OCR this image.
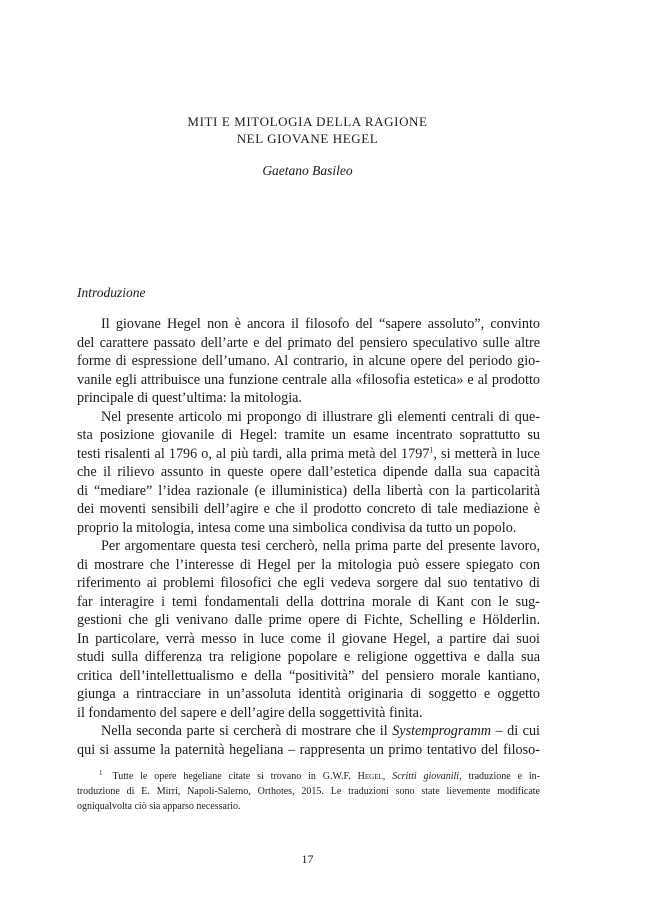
MITI E MITOLOGIA DELLA RAGIONE
NEL GIOVANE HEGEL
Gaetano Basileo
Introduzione
Il giovane Hegel non è ancora il filosofo del “sapere assoluto”, convinto
del carattere passato dell’arte e del primato del pensiero speculativo sulle altre
forme di espressione dell’umano. Al contrario, in alcune opere del periodo gio-
vanile egli attribuisce una funzione centrale alla «filosofia estetica» e al prodotto
principale di quest’ultima: la mitologia.
Nel presente articolo mi propongo di illustrare gli elementi centrali di que-
sta posizione giovanile di Hegel: tramite un esame incentrato soprattutto su
testi risalenti al 1796 o, al più tardi, alla prima metà del 1797$^1$, si metterà in luce
che il rilievo assunto in queste opere dall’estetica dipende dalla sua capacità
di “mediare” l’idea razionale (e illuministica) della libertà con la particolarità
dei moventi sensibili dell’agire e che il prodotto concreto di tale mediazione è
proprio la mitologia, intesa come una simbolica condivisa da tutto un popolo.
Per argomentare questa tesi cercherò, nella prima parte del presente lavoro,
di mostrare che l’interesse di Hegel per la mitologia può essere spiegato con
riferimento ai problemi filosofici che egli vedeva sorgere dal suo tentativo di
far interagire i temi fondamentali della dottrina morale di Kant con le sug-
gestioni che gli venivano dalle prime opere di Fichte, Schelling e Hölderlin.
In particolare, verrà messo in luce come il giovane Hegel, a partire dai suoi
studi sulla differenza tra religione popolare e religione oggettiva e dalla sua
critica dell’intellettualismo e della “positività” del pensiero morale kantiano,
giunga a rintracciare in un’assoluta identità originaria di soggetto e oggetto
il fondamento del sapere e dell’agire della soggettività finita.
Nella seconda parte si cercherà di mostrare che il Systemprogramm – di cui
qui si assume la paternità hegeliana – rappresenta un primo tentativo del filoso-
$^1$ Tutte le opere hegeliane citate si trovano in G.W.F. Hegel, Scritti giovanili, traduzione e in-
troduzione di E. Mirri, Napoli-Salerno, Orthotes, 2015. Le traduzioni sono state lievemente modificate
ogniqualvolta ciò sia apparso necessario.
17
